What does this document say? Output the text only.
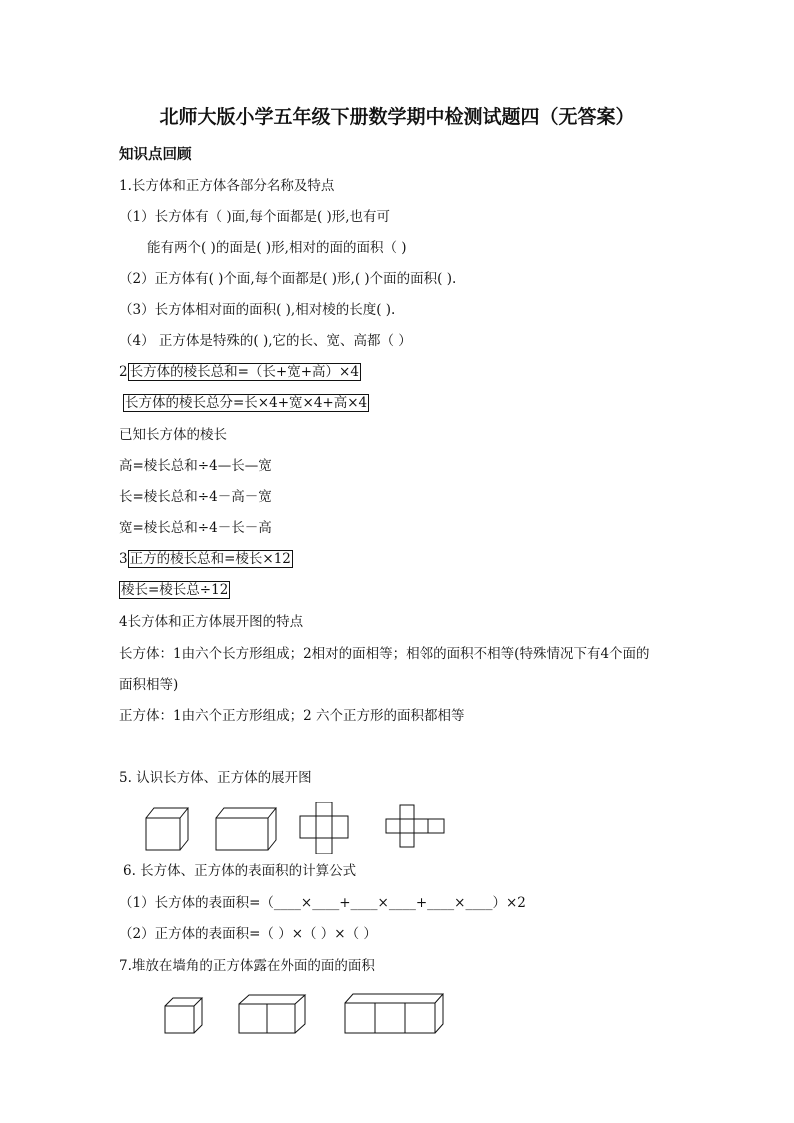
北师大版小学五年级下册数学期中检测试题四（无答案）
知识点回顾
1.长方体和正方体各部分名称及特点
（1）长方体有（ )面,每个面都是( )形,也有可
能有两个( )的面是( )形,相对的面的面积（ )
（2）正方体有( )个面,每个面都是( )形,( )个面的面积( ).
（3）长方体相对面的面积( ),相对棱的长度( ).
（4） 正方体是特殊的( ),它的长、宽、高都（ ）
2 长方体的棱长总和=（长+宽+高）×4
长方体的棱长总分=长×4+宽×4+高×4
已知长方体的棱长
高=棱长总和÷4—长—宽
长=棱长总和÷4－高－宽
宽=棱长总和÷4－长－高
3 正方的棱长总和=棱长×12
棱长=棱长总÷12
4长方体和正方体展开图的特点
长方体：1由六个长方形组成；2相对的面相等；相邻的面积不相等(特殊情况下有4个面的
面积相等)
正方体：1由六个正方形组成；2 六个正方形的面积都相等
5. 认识长方体、正方体的展开图
6. 长方体、正方体的表面积的计算公式
（1）长方体的表面积=（____×____+____×____+____×____）×2
（2）正方体的表面积=（ ）×（ ）×（ ）
7.堆放在墙角的正方体露在外面的面的面积
